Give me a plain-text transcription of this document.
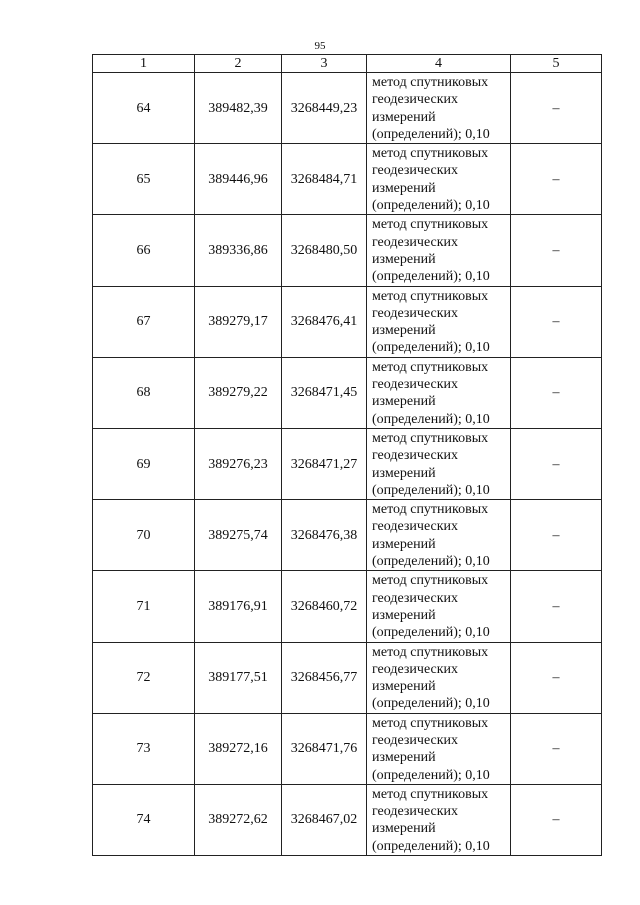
95
1	2	3	4	5
64	389482,39	3268449,23	метод спутниковых
геодезических
измерений
(определений); 0,10	–
65	389446,96	3268484,71	метод спутниковых
геодезических
измерений
(определений); 0,10	–
66	389336,86	3268480,50	метод спутниковых
геодезических
измерений
(определений); 0,10	–
67	389279,17	3268476,41	метод спутниковых
геодезических
измерений
(определений); 0,10	–
68	389279,22	3268471,45	метод спутниковых
геодезических
измерений
(определений); 0,10	–
69	389276,23	3268471,27	метод спутниковых
геодезических
измерений
(определений); 0,10	–
70	389275,74	3268476,38	метод спутниковых
геодезических
измерений
(определений); 0,10	–
71	389176,91	3268460,72	метод спутниковых
геодезических
измерений
(определений); 0,10	–
72	389177,51	3268456,77	метод спутниковых
геодезических
измерений
(определений); 0,10	–
73	389272,16	3268471,76	метод спутниковых
геодезических
измерений
(определений); 0,10	–
74	389272,62	3268467,02	метод спутниковых
геодезических
измерений
(определений); 0,10	–
